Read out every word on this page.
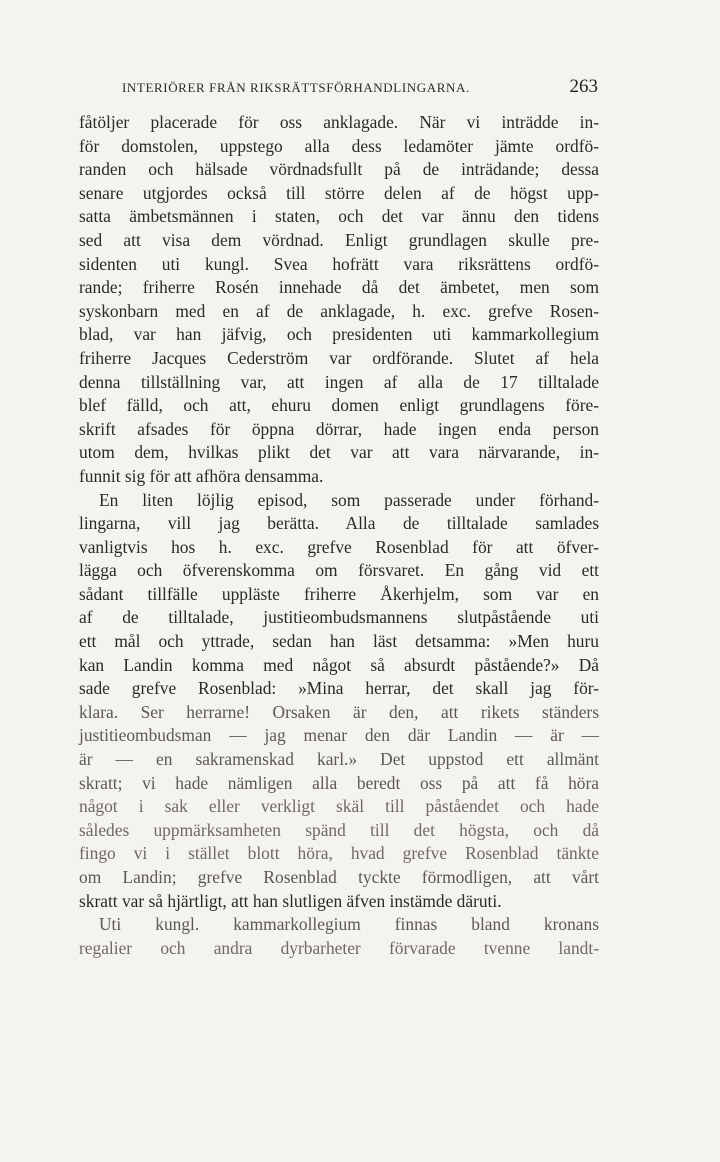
INTERIÖRER FRÅN RIKSRÄTTSFÖRHANDLINGARNA.	263
fåtöljer placerade för oss anklagade. När vi inträdde in-
för domstolen, uppstego alla dess ledamöter jämte ordfö-
randen och hälsade vördnadsfullt på de inträdande; dessa
senare utgjordes också till större delen af de högst upp-
satta ämbetsmännen i staten, och det var ännu den tidens
sed att visa dem vördnad. Enligt grundlagen skulle pre-
sidenten uti kungl. Svea hofrätt vara riksrättens ordfö-
rande; friherre Rosén innehade då det ämbetet, men som
syskonbarn med en af de anklagade, h. exc. grefve Rosen-
blad, var han jäfvig, och presidenten uti kammarkollegium
friherre Jacques Cederström var ordförande. Slutet af hela
denna tillställning var, att ingen af alla de 17 tilltalade
blef fälld, och att, ehuru domen enligt grundlagens före-
skrift afsades för öppna dörrar, hade ingen enda person
utom dem, hvilkas plikt det var att vara närvarande, in-
funnit sig för att afhöra densamma.
En liten löjlig episod, som passerade under förhand-
lingarna, vill jag berätta. Alla de tilltalade samlades
vanligtvis hos h. exc. grefve Rosenblad för att öfver-
lägga och öfverenskomma om försvaret. En gång vid ett
sådant tillfälle uppläste friherre Åkerhjelm, som var en
af de tilltalade, justitieombudsmannens slutpåstående uti
ett mål och yttrade, sedan han läst detsamma: »Men huru
kan Landin komma med något så absurdt påstående?» Då
sade grefve Rosenblad: »Mina herrar, det skall jag för-
klara. Ser herrarne! Orsaken är den, att rikets ständers
justitieombudsman — jag menar den där Landin — är —
är — en sakramenskad karl.» Det uppstod ett allmänt
skratt; vi hade nämligen alla beredt oss på att få höra
något i sak eller verkligt skäl till påståendet och hade
således uppmärksamheten spänd till det högsta, och då
fingo vi i stället blott höra, hvad grefve Rosenblad tänkte
om Landin; grefve Rosenblad tyckte förmodligen, att vårt
skratt var så hjärtligt, att han slutligen äfven instämde däruti.
Uti kungl. kammarkollegium finnas bland kronans
regalier och andra dyrbarheter förvarade tvenne landt-
